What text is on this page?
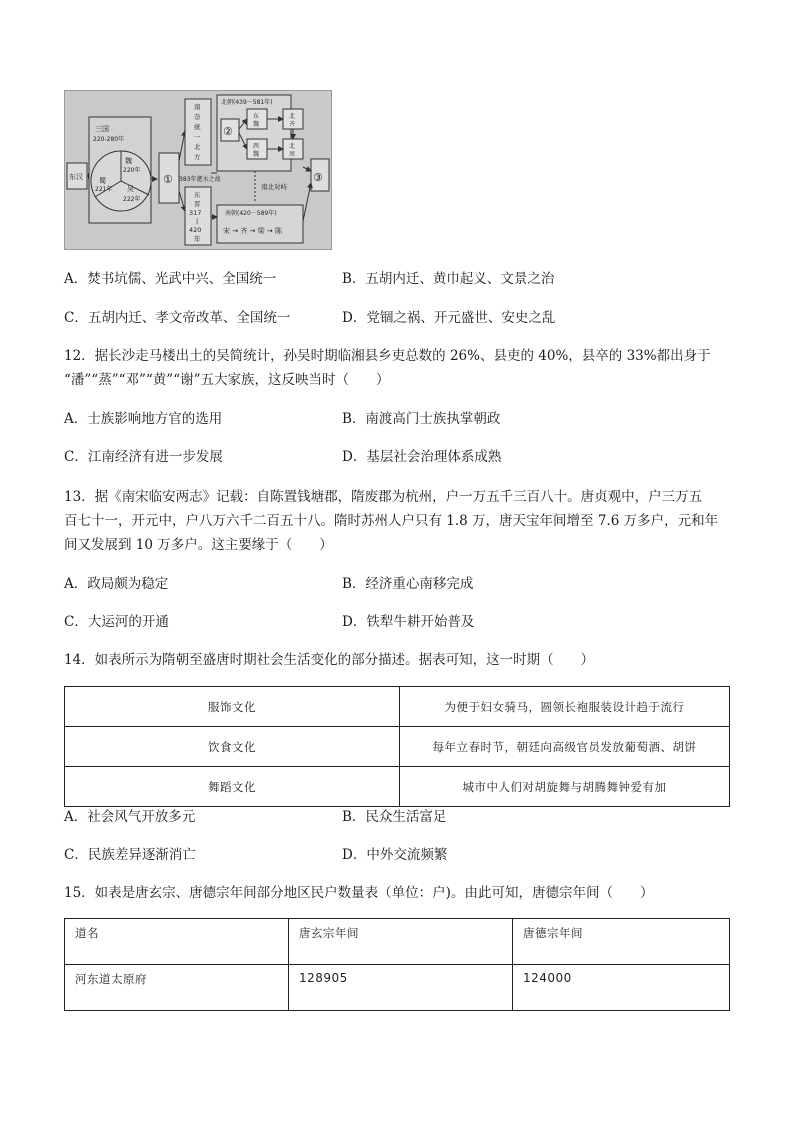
东汉
三国
220-280年
魏
220年
蜀
221年 吴
222年
①
②
③
南
奈
统
一
北
方
东
晋
317
|
420
年
383年淝水之战
北朝(439－581年)
东
魏
西
魏
北
齐
北
周
南北对峙
南朝(420－589年)
宋 → 齐 → 梁 → 陈
A．焚书坑儒、光武中兴、全国统一	B．五胡内迁、黄巾起义、文景之治
C．五胡内迁、孝文帝改革、全国统一	D．党锢之祸、开元盛世、安史之乱
12．据长沙走马楼出土的吴简统计，孙吴时期临湘县乡吏总数的 26%、县吏的 40%，县卒的 33%都出身于
“潘”“蒸”“邓”“黄”“谢”五大家族，这反映当时（　　）
A．士族影响地方官的选用	B．南渡高门士族执掌朝政
C．江南经济有进一步发展	D．基层社会治理体系成熟
13．据《南宋临安两志》记载：自陈置钱塘郡，隋废郡为杭州，户一万五千三百八十。唐贞观中，户三万五
百七十一，开元中，户八万六千二百五十八。隋时苏州人户只有 1.8 万，唐天宝年间增至 7.6 万多户，元和年
间又发展到 10 万多户。这主要缘于（　　）
A．政局颇为稳定	B．经济重心南移完成
C．大运河的开通	D．铁犁牛耕开始普及
14．如表所示为隋朝至盛唐时期社会生活变化的部分描述。据表可知，这一时期（　　）
服饰文化	为便于妇女骑马，圆领长袍服装设计趋于流行
饮食文化	每年立春时节，朝廷向高级官员发放葡萄酒、胡饼
舞蹈文化	城市中人们对胡旋舞与胡腾舞钟爱有加
A．社会风气开放多元	B．民众生活富足
C．民族差异逐渐消亡	D．中外交流频繁
15．如表是唐玄宗、唐德宗年间部分地区民户数量表（单位：户)。由此可知，唐德宗年间（　　）
道名	唐玄宗年间	唐德宗年间
河东道太原府	128905	124000
